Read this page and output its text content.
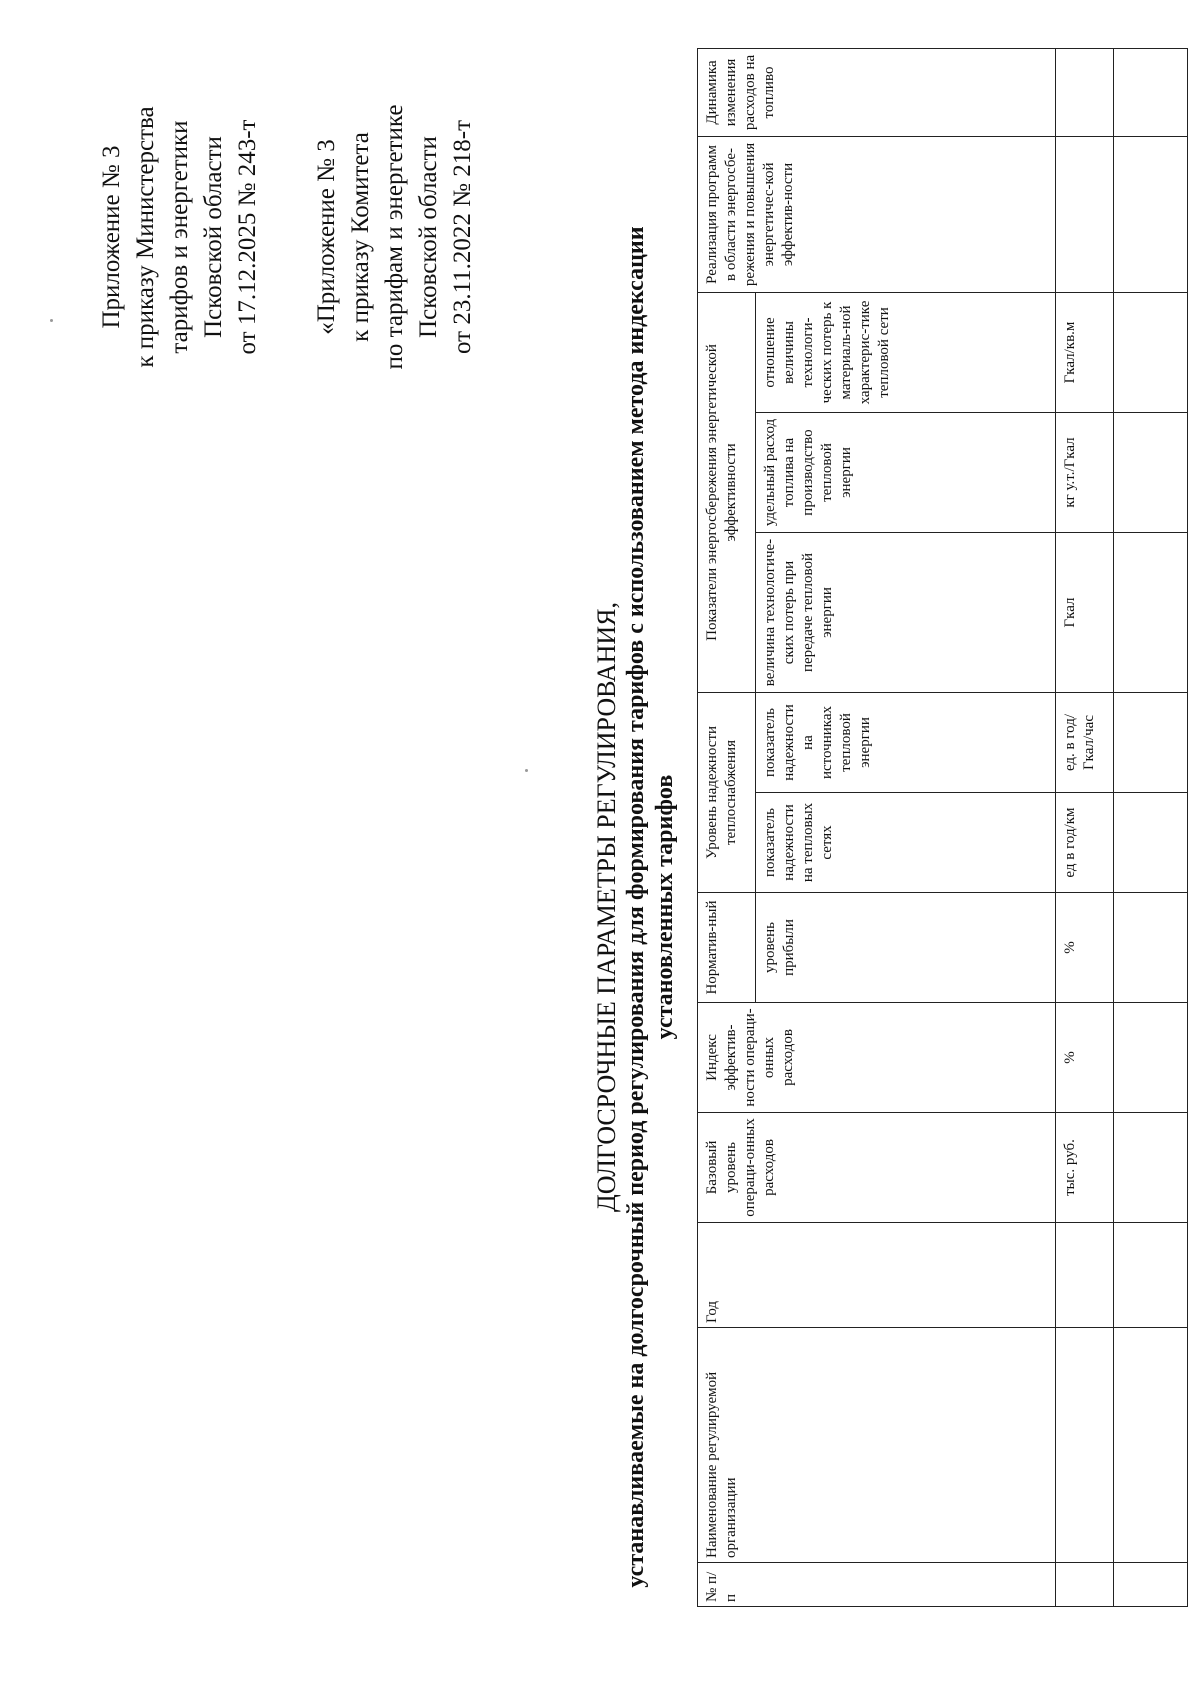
Приложение № 3 к приказу Министерства тарифов и энергетики Псковской области от 17.12.2025 № 243-т «Приложение № 3 к приказу Комитета по тарифам и энергетике Псковской области от 23.11.2022 № 218-т
ДОЛГОСРОЧНЫЕ ПАРАМЕТРЫ РЕГУЛИРОВАНИЯ, устанавливаемые на долгосрочный период регулирования для формирования тарифов с использованием метода индексации установленных тарифов
№ п/п	Наименование регулируемой организации	Год	Базовый уровень операци-онных расходов	Индекс эффектив-ности операци-онных расходов	Норматив-ный	Уровень надежности теплоснабжения		Показатели энергосбережения энергетической эффективности			Реализация программ в области энергосбе-режения и повышения энергетичес-кой эффектив-ности	Динамика изменения расходов на топливо
					уровень прибыли	показатель надежности на тепловых сетях	показатель надежности на источниках тепловой энергии	величина технологиче-ских потерь при передаче тепловой энергии	удельный расход топлива на производство тепловой энергии	отношение величины технологи-ческих потерь к материаль-ной характерис-тике тепловой сети		
			тыс. руб.	%	%	ед в год/км	ед. в год/Гкал/час	Гкал	кг у.т./Гкал	Гкал/кв.м		
